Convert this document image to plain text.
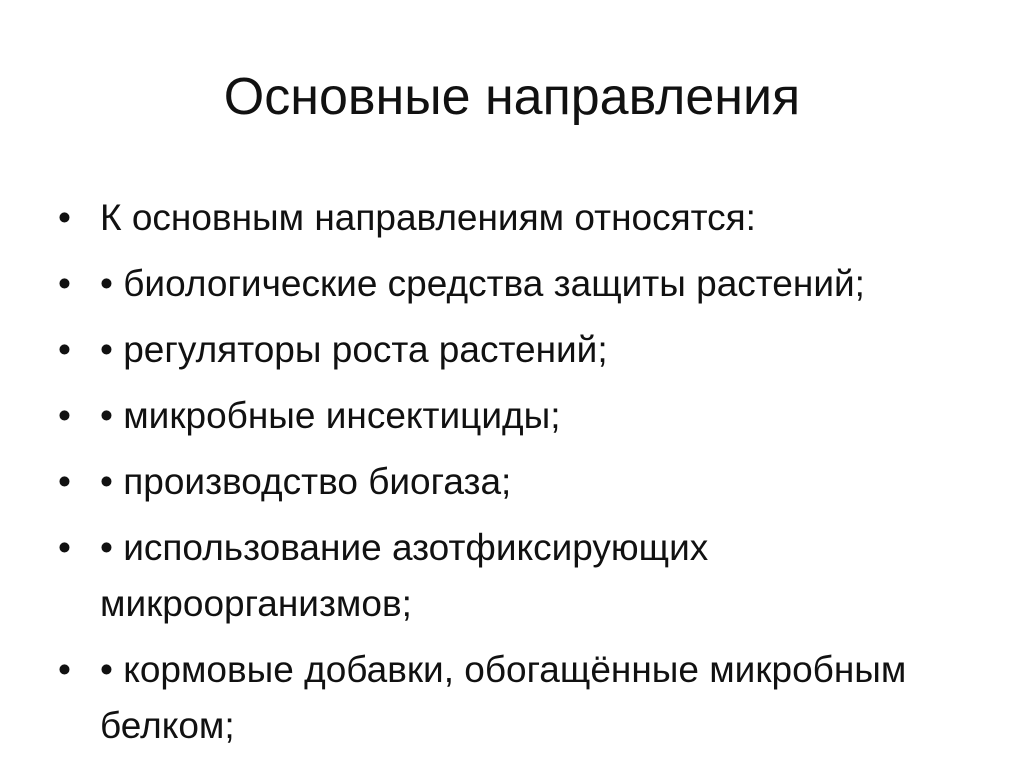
Основные направления
• К основным направлениям относятся:
• • биологические средства защиты растений;
• • регуляторы роста растений;
• • микробные инсектициды;
• • производство биогаза;
• • использование азотфиксирующих микроорганизмов;
• • кормовые добавки, обогащённые микробным белком;
